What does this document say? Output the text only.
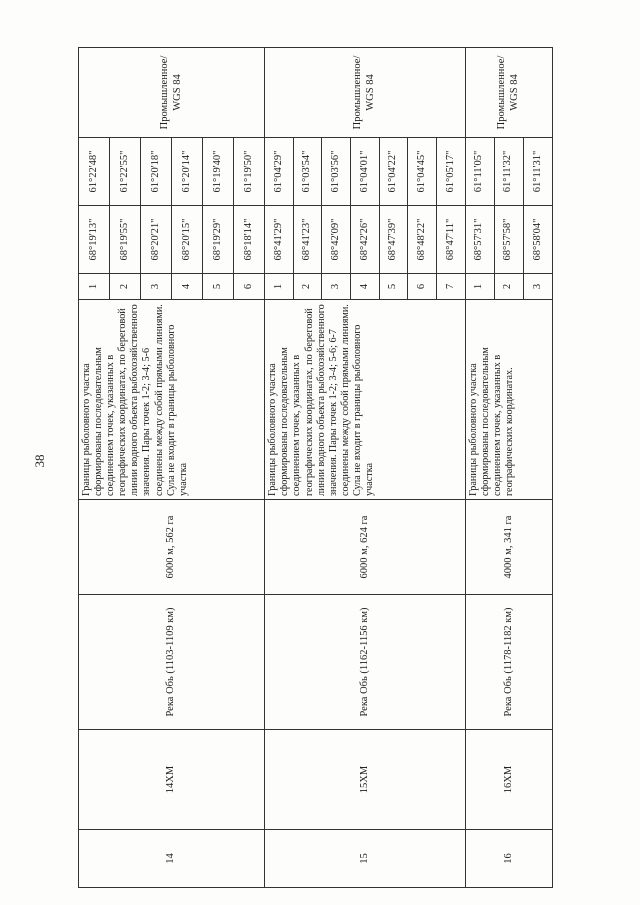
38
14	14ХМ	Река Обь (1103-1109 км)	6000 м, 562 га	Границы рыболовного участка сформированы последовательным соединением точек, указанных в географических координатах, по береговой линии водного объекта рыбохозяйственного значения. Пары точек 1-2; 3-4; 5-6 соединены между собой прямыми линиями. Сула не входит в границы рыболовного участка	1	68°19'13"	61°22'48"	Промышленное/ WGS 84
					2	68°19'55"	61°22'55"	
					3	68°20'21"	61°20'18"	
					4	68°20'15"	61°20'14"	
					5	68°19'29"	61°19'40"	
					6	68°18'14"	61°19'50"	
15	15ХМ	Река Обь (1162-1156 км)	6000 м, 624 га	Границы рыболовного участка сформированы последовательным соединением точек, указанных в географических координатах, по береговой линии водного объекта рыбохозяйственного значения. Пары точек 1-2; 3-4; 5-6; 6-7 соединены между собой прямыми линиями. Сула не входит в границы рыболовного участка	1	68°41'29"	61°04'29"	Промышленное/ WGS 84
					2	68°41'23"	61°03'54"	
					3	68°42'09"	61°03'56"	
					4	68°42'26"	61°04'01"	
					5	68°47'39"	61°04'22"	
					6	68°48'22"	61°04'45"	
					7	68°47'11"	61°05'17"	
16	16ХМ	Река Обь (1178-1182 км)	4000 м, 341 га	Границы рыболовного участка сформированы последовательным соединением точек, указанных в географических координатах.	1	68°57'31"	61°11'05"	Промышленное/ WGS 84
					2	68°57'58"	61°11'32"	
					3	68°58'04"	61°11'31"	
